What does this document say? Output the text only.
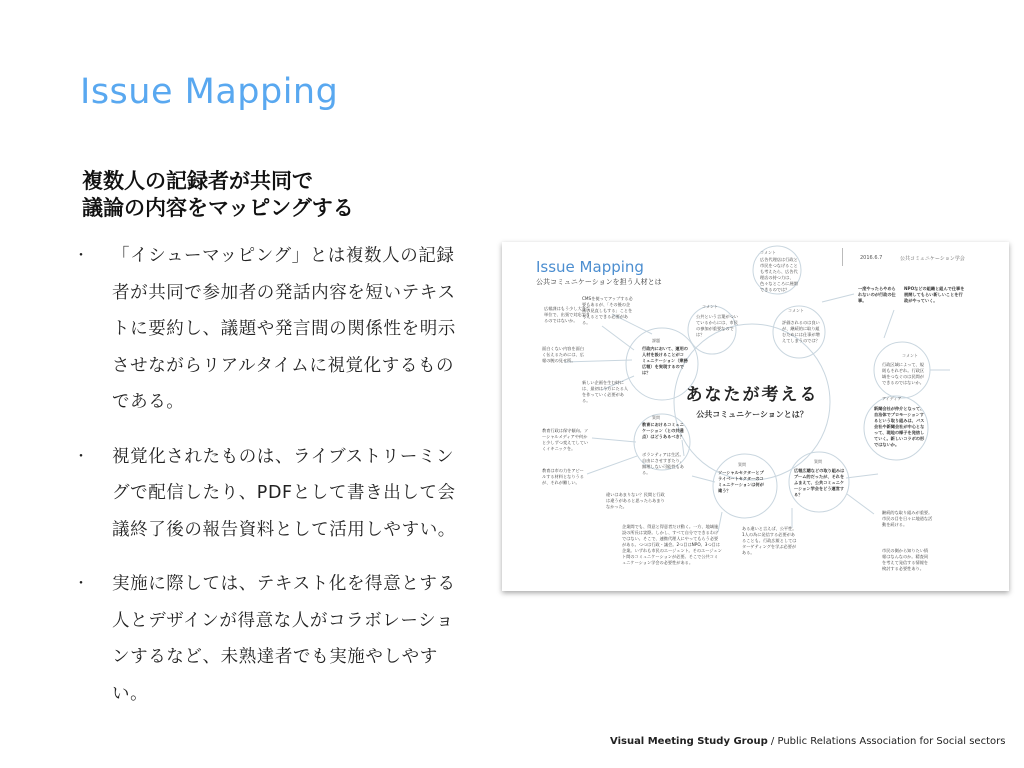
Issue Mapping
複数人の記録者が共同で
議論の内容をマッピングする
・ 「イシューマッピング」とは複数人の記録者が共同で参加者の発話内容を短いテキストに要約し、議題や発言間の関係性を明示させながらリアルタイムに視覚化するものである。
・ 視覚化されたものは、ライブストリーミングで配信したり、PDFとして書き出して会議終了後の報告資料として活用しやすい。
・ 実施に際しては、テキスト化を得意とする人とデザインが得意な人がコラボレーションするなど、未熟達者でも実施やしやすい。
Issue Mapping
公共コミュニケーションを担う人材とは
2016.6.7	公共コミュニケーション学会
あなたが考える
公共コミュニケーションとは？
コメント
コメント
課題
コメント
コメント
アイディア
質問
質問
質問
広報課はもう少し大きな単位で、出張で対応できるのではないか。
CMSを使ってアップする必要もあるが、「その後の企画の見直しもする」ことを考えるとできる必要がある。
行政内において、運用の人材を設けることがコミュニケーション（業務広報）を実現するのでは？
面白くない内容を面白く伝えるためには、広報の腕の見せ所。
新しい企画を生む時には、最初は今方にたる人を作っていく必要がある。
公共という言葉がついているからには、市民の参加が重要なのでは？
広告代理店は行政と市民をつなげることも考えたら、広告代理店の持つ力は、色々なところに展開できるのでは？
評価されるのは良いが、継続的に取り組むためには仕事が増えてしまうのでは？
一度やったらやめられないのが行政の仕事。
NPOなどの組織と組んで仕事を展開してもらい新しいことを行政がやっていく。
行政区域によって、規則もそれぞれ。行政区域をつなぐのは民間ができるのではないか。
新聞会社が仲介となって、自治体でプロモーションするという取り組みは、バス会社や新聞会社が中心となって、現地の様子を発信していく。新しいコラボの形ではないか。
教育におけるコミュニケーション（との共通点）はどうあるべき？
教育行政は保守傾向。ソーシャルメディアや何かと少しずつ変えてしていくイキニックを。
教育は市の力をアピールする材料となりうるが、それが難しい。
ボランティアは生活。自由にさせすぎたり、無理しない可能性もある。
違いはあまりない？民間と行政は違うがあると思ったらあまりなかった。
ソーシャルセクターとプライベートセクターのコミュニケーションは何が違う？
企業間でも、得意と得意者だけ動く。一方、地域施設の所長は実際。しかし、すべて自分でできるわけではない。そこで、連携代理人にやってもらう必要がある。つつは行政・議会。2つ目はNPO。3つ目は企業。いずれも市民のエージェント。そのエージェント間のコミュニケーションが必要。そこで公共コミュニケーション学会の必要性がある。
広報広聴などの取り組みはブーム的だったが、それをふまえて、公共コミュニケーション学会をどう運営する？
ある違いと言えば、公平性。1人の為に発信する必要があることも。行政広報としてはターゲティングを学ぶ必要がある。
継続的な取り組みが重要。市民の目を日々に地道な活動を続ける。
市民の側から知りたい情報はなんなのか。精査同を考えて発信する情報を検討する必要性あり。
Visual Meeting Study Group / Public Relations Association for Social sectors
